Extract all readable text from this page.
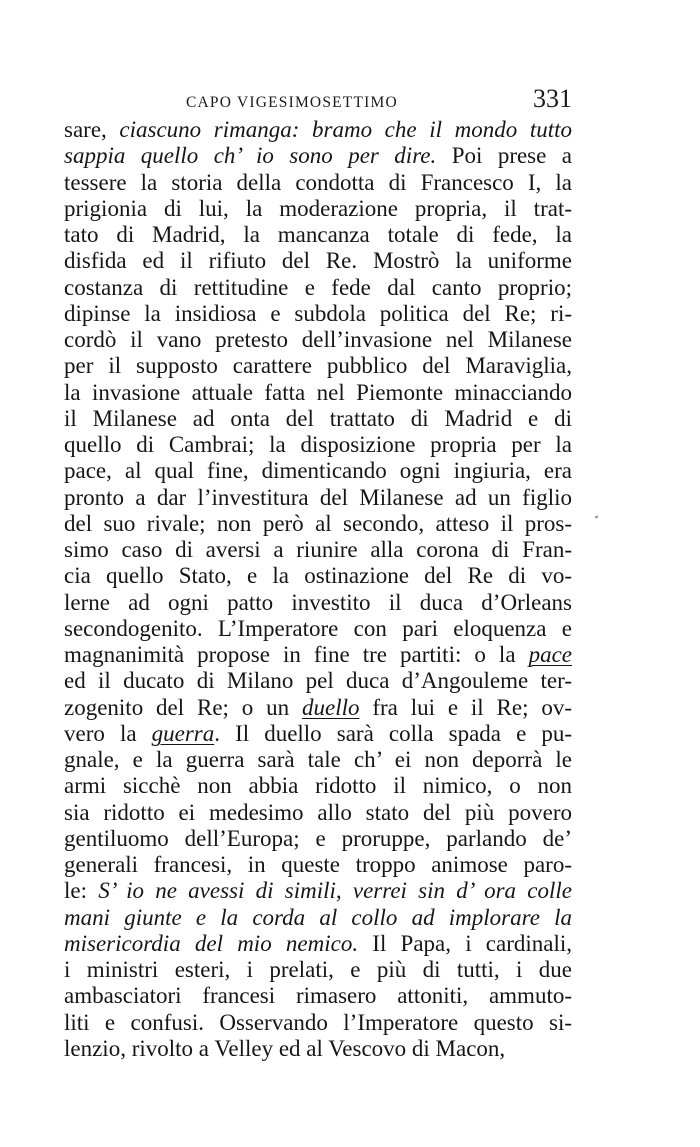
CAPO VIGESIMOSETTIMO	331
sare, ciascuno rimanga: bramo che il mondo tutto
sappia quello ch’ io sono per dire. Poi prese a
tessere la storia della condotta di Francesco I, la
prigionia di lui, la moderazione propria, il trat-
tato di Madrid, la mancanza totale di fede, la
disfida ed il rifiuto del Re. Mostrò la uniforme
costanza di rettitudine e fede dal canto proprio;
dipinse la insidiosa e subdola politica del Re; ri-
cordò il vano pretesto dell’invasione nel Milanese
per il supposto carattere pubblico del Maraviglia,
la invasione attuale fatta nel Piemonte minacciando
il Milanese ad onta del trattato di Madrid e di
quello di Cambrai; la disposizione propria per la
pace, al qual fine, dimenticando ogni ingiuria, era
pronto a dar l’investitura del Milanese ad un figlio
del suo rivale; non però al secondo, atteso il pros-
simo caso di aversi a riunire alla corona di Fran-
cia quello Stato, e la ostinazione del Re di vo-
lerne ad ogni patto investito il duca d’Orleans
secondogenito. L’Imperatore con pari eloquenza e
magnanimità propose in fine tre partiti: o la pace
ed il ducato di Milano pel duca d’Angouleme ter-
zogenito del Re; o un duello fra lui e il Re; ov-
vero la guerra. Il duello sarà colla spada e pu-
gnale, e la guerra sarà tale ch’ ei non deporrà le
armi sicchè non abbia ridotto il nimico, o non
sia ridotto ei medesimo allo stato del più povero
gentiluomo dell’Europa; e proruppe, parlando de’
generali francesi, in queste troppo animose paro-
le: S’ io ne avessi di simili, verrei sin d’ ora colle
mani giunte e la corda al collo ad implorare la
misericordia del mio nemico. Il Papa, i cardinali,
i ministri esteri, i prelati, e più di tutti, i due
ambasciatori francesi rimasero attoniti, ammuto-
liti e confusi. Osservando l’Imperatore questo si-
lenzio, rivolto a Velley ed al Vescovo di Macon,
